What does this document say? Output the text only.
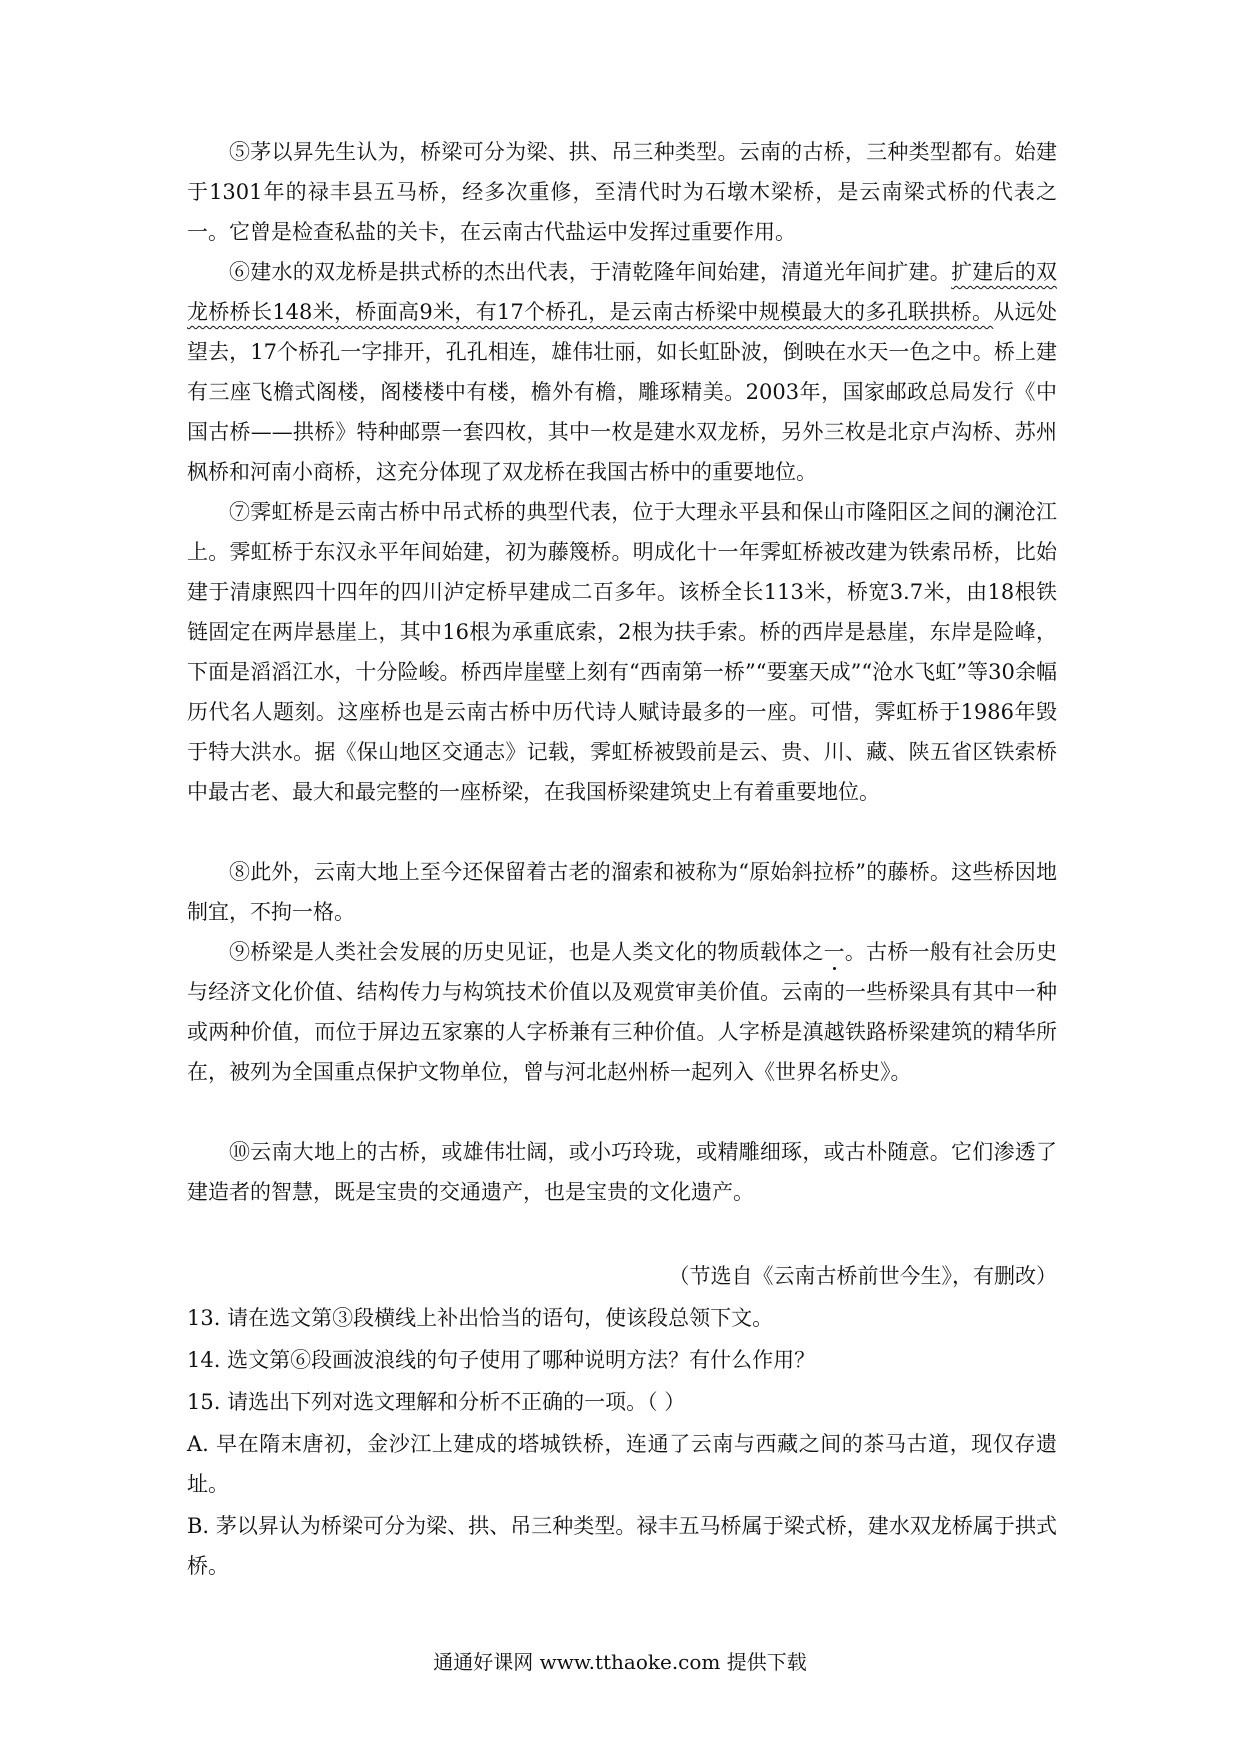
⑤茅以昇先生认为，桥梁可分为梁、拱、吊三种类型。云南的古桥，三种类型都有。始建于1301年的禄丰县五马桥，经多次重修，至清代时为石墩木梁桥，是云南梁式桥的代表之一。它曾是检查私盐的关卡，在云南古代盐运中发挥过重要作用。

⑥建水的双龙桥是拱式桥的杰出代表，于清乾隆年间始建，清道光年间扩建。扩建后的双龙桥桥长148米，桥面高9米，有17个桥孔，是云南古桥梁中规模最大的多孔联拱桥。从远处望去，17个桥孔一字排开，孔孔相连，雄伟壮丽，如长虹卧波，倒映在水天一色之中。桥上建有三座飞檐式阁楼，阁楼楼中有楼，檐外有檐，雕琢精美。2003年，国家邮政总局发行《中国古桥——拱桥》特种邮票一套四枚，其中一枚是建水双龙桥，另外三枚是北京卢沟桥、苏州枫桥和河南小商桥，这充分体现了双龙桥在我国古桥中的重要地位。

⑦霁虹桥是云南古桥中吊式桥的典型代表，位于大理永平县和保山市隆阳区之间的澜沧江上。霁虹桥于东汉永平年间始建，初为藤篾桥。明成化十一年霁虹桥被改建为铁索吊桥，比始建于清康熙四十四年的四川泸定桥早建成二百多年。该桥全长113米，桥宽3.7米，由18根铁链固定在两岸悬崖上，其中16根为承重底索，2根为扶手索。桥的西岸是悬崖，东岸是险峰，下面是滔滔江水，十分险峻。桥西岸崖壁上刻有“西南第一桥”“要塞天成”“沧水飞虹”等30余幅历代名人题刻。这座桥也是云南古桥中历代诗人赋诗最多的一座。可惜，霁虹桥于1986年毁于特大洪水。据《保山地区交通志》记载，霁虹桥被毁前是云、贵、川、藏、陕五省区铁索桥中最古老、最大和最完整的一座桥梁，在我国桥梁建筑史上有着重要地位。

⑧此外，云南大地上至今还保留着古老的溜索和被称为“原始斜拉桥”的藤桥。这些桥因地制宜，不拘一格。

⑨桥梁是人类社会发展的历史见证，也是人类文化的物质载体之一。古桥一般有社会历史与经济文化价值、结构传力与构筑技术价值以及观赏审美价值。云南的一些桥梁具有其中一种或两种价值，而位于屏边五家寨的人字桥兼有三种价值。人字桥是滇越铁路桥梁建筑的精华所在，被列为全国重点保护文物单位，曾与河北赵州桥一起列入《世界名桥史》。

⑩云南大地上的古桥，或雄伟壮阔，或小巧玲珑，或精雕细琢，或古朴随意。它们渗透了建造者的智慧，既是宝贵的交通遗产，也是宝贵的文化遗产。

（节选自《云南古桥前世今生》，有删改）

13. 请在选文第③段横线上补出恰当的语句，使该段总领下文。

14. 选文第⑥段画波浪线的句子使用了哪种说明方法？有什么作用？

15. 请选出下列对选文理解和分析不正确的一项。（ ）

A. 早在隋末唐初，金沙江上建成的塔城铁桥，连通了云南与西藏之间的茶马古道，现仅存遗址。

B. 茅以昇认为桥梁可分为梁、拱、吊三种类型。禄丰五马桥属于梁式桥，建水双龙桥属于拱式桥。

通通好课网 www.tthaoke.com 提供下载
